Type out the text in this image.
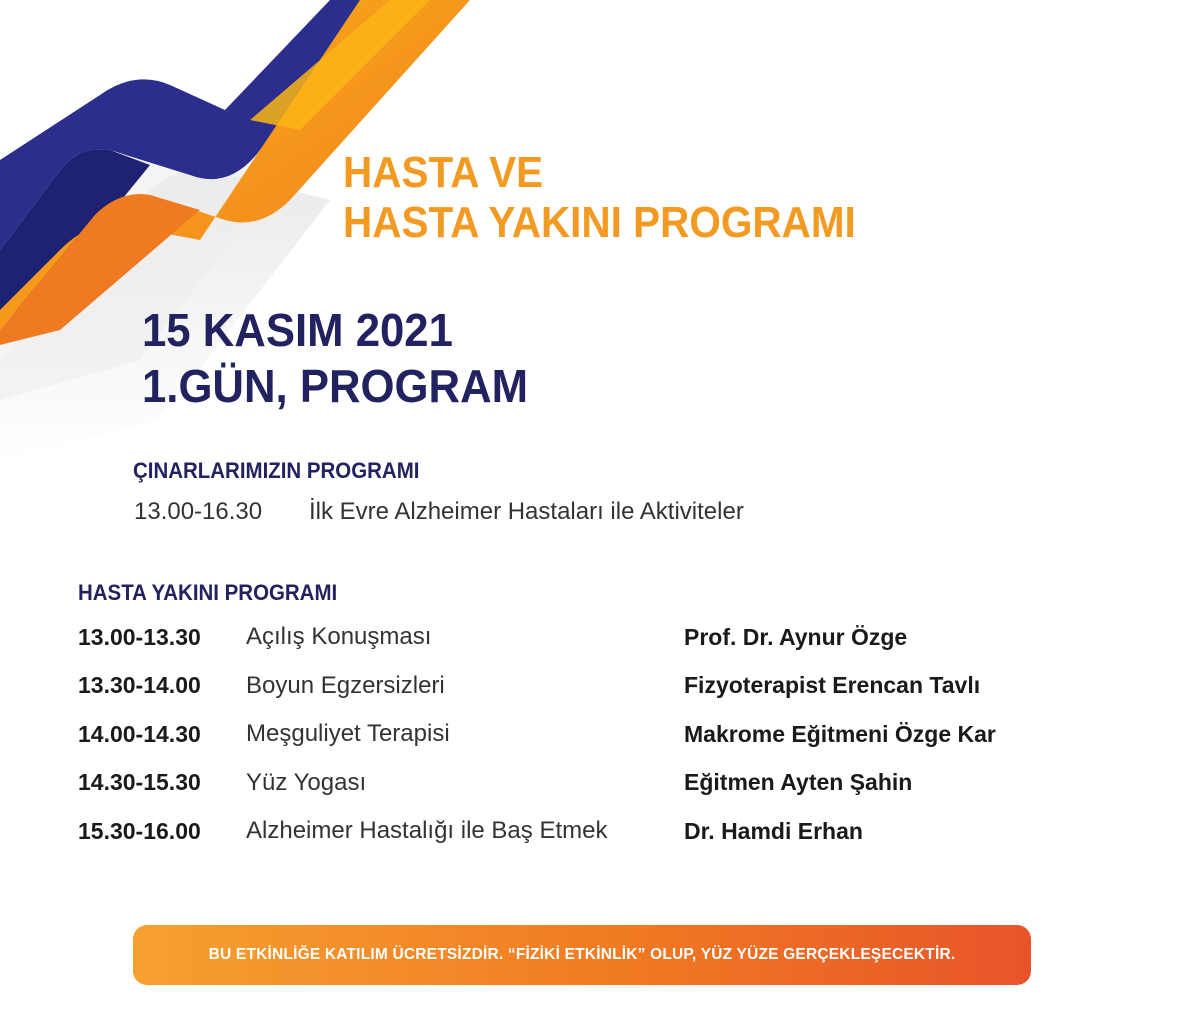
HASTA VE
HASTA YAKINI PROGRAMI
15 KASIM 2021
1.GÜN, PROGRAM
ÇINARLARIMIZIN PROGRAMI
13.00-16.30 İlk Evre Alzheimer Hastaları ile Aktiviteler
HASTA YAKINI PROGRAMI
13.00-13.30	Açılış Konuşması	Prof. Dr. Aynur Özge
13.30-14.00	Boyun Egzersizleri	Fizyoterapist Erencan Tavlı
14.00-14.30	Meşguliyet Terapisi	Makrome Eğitmeni Özge Kar
14.30-15.30	Yüz Yogası	Eğitmen Ayten Şahin
15.30-16.00	Alzheimer Hastalığı ile Baş Etmek	Dr. Hamdi Erhan
BU ETKİNLİĞE KATILIM ÜCRETSİZDİR. “FİZİKİ ETKİNLİK” OLUP, YÜZ YÜZE GERÇEKLEŞECEKTİR.
